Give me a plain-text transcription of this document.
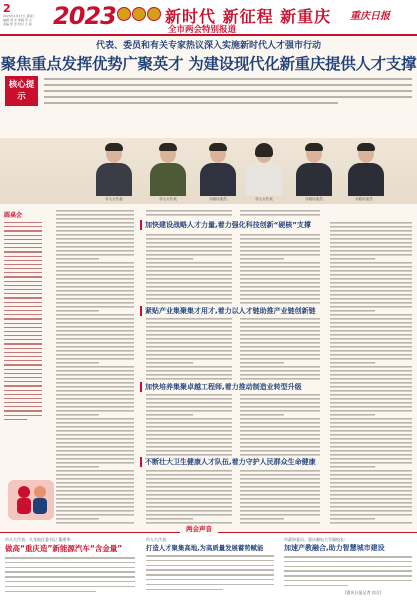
2
2023年1月17日 星期二
编辑 刘 龙 审稿 李 兴
美编 郑 洁 校对 王 颖 2023	新时代 新征程 新重庆 重庆日报
全市两会特别报道
代表、委员和有关专家热议深入实施新时代人才强市行动
聚焦重点发挥优势广聚英才 为建设现代化新重庆提供人才支撑
核心提示
市人大代表	市人大代表	市政协委员	市人大代表	市政协委员	市政协委员
圆桌会
加快建设战略人才力量,着力强化科技创新“硬核”支撑
紧贴产业集聚集才用才,着力以人才链助推产业链创新链
加快培养集聚卓越工程师,着力推动制造业转型升级
不断壮大卫生健康人才队伍,着力守护人民群众生命健康
两会声音
市人大代表、九龙坡区委书记 董建华:
做高“重庆造”新能源汽车“含金量”
市人大代表:
打造人才聚集高地,为高质量发展蓄势赋能
市政协委员、重庆邮电大学副校长:
加速产教融合,助力智慧城市建设
(重庆日报记者 综合)
